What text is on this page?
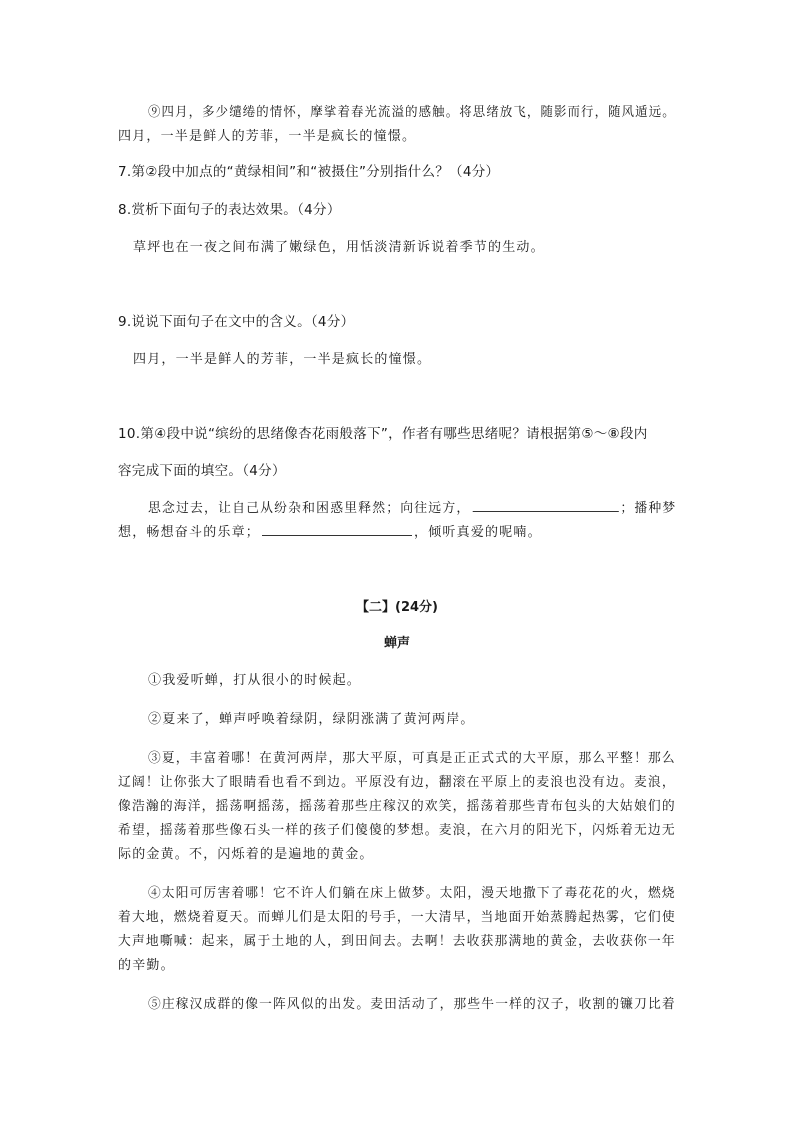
⑨四月，多少缱绻的情怀，摩挲着春光流溢的感触。将思绪放飞，随影而行，随风遁远。
四月，一半是鲜人的芳菲，一半是疯长的憧憬。
7.第②段中加点的“黄绿相间”和“被摄住”分别指什么？（4分）
8.赏析下面句子的表达效果。（4分）
草坪也在一夜之间布满了嫩绿色，用恬淡清新诉说着季节的生动。
9.说说下面句子在文中的含义。（4分）
四月，一半是鲜人的芳菲，一半是疯长的憧憬。
10.第④段中说“缤纷的思绪像杏花雨般落下”，作者有哪些思绪呢？请根据第⑤～⑧段内
容完成下面的填空。（4分）
思念过去，让自己从纷杂和困惑里释然；向往远方，	；播种梦
想，畅想奋斗的乐章；	，倾听真爱的呢喃。
【二】(24分)
蝉声
①我爱听蝉，打从很小的时候起。
②夏来了，蝉声呼唤着绿阴，绿阴涨满了黄河两岸。
③夏，丰富着哪！在黄河两岸，那大平原，可真是正正式式的大平原，那么平整！那么
辽阔！让你张大了眼睛看也看不到边。平原没有边，翻滚在平原上的麦浪也没有边。麦浪，
像浩瀚的海洋，摇荡啊摇荡，摇荡着那些庄稼汉的欢笑，摇荡着那些青布包头的大姑娘们的
希望，摇荡着那些像石头一样的孩子们傻傻的梦想。麦浪，在六月的阳光下，闪烁着无边无
际的金黄。不，闪烁着的是遍地的黄金。
④太阳可厉害着哪！它不许人们躺在床上做梦。太阳，漫天地撒下了毒花花的火，燃烧
着大地，燃烧着夏天。而蝉儿们是太阳的号手，一大清早，当地面开始蒸腾起热雾，它们使
大声地嘶喊：起来，属于土地的人，到田间去。去啊！去收获那满地的黄金，去收获你一年
的辛勤。
⑤庄稼汉成群的像一阵风似的出发。麦田活动了，那些牛一样的汉子，收割的镰刀比着
